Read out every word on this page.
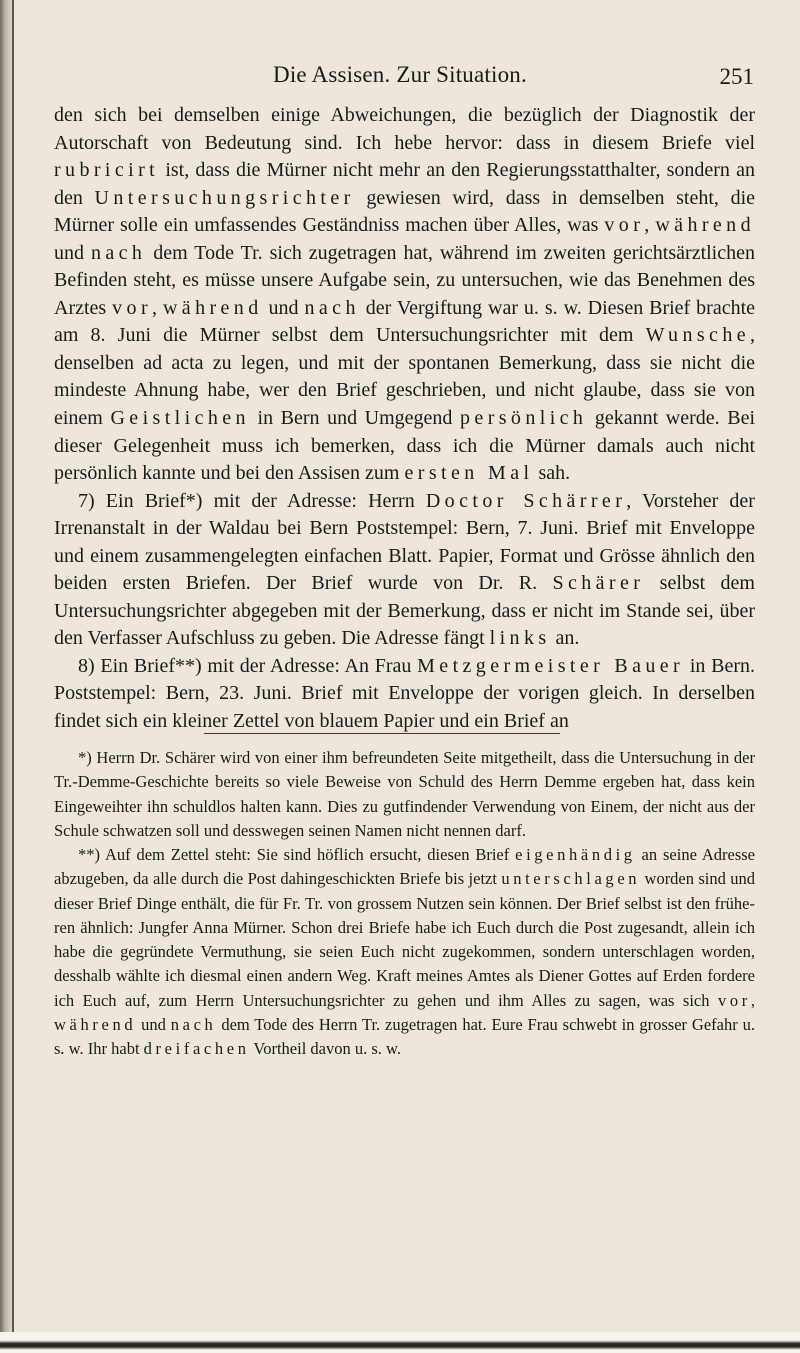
Die Assisen. Zur Situation.	251

den sich bei demselben einige Abweichungen, die bezüglich der Diagnostik der Autorschaft von Bedeutung sind. Ich hebe hervor: dass in diesem Briefe viel rubricirt ist, dass die Mürner nicht mehr an den Regierungsstatthalter, sondern an den Untersuchungsrichter gewiesen wird, dass in demselben steht, die Mürner solle ein umfassendes Geständniss machen über Alles, was vor, während und nach dem Tode Tr. sich zugetragen hat, während im zweiten gerichtsärztlichen Befinden steht, es müsse unsere Aufgabe sein, zu untersuchen, wie das Benehmen des Arztes vor, während und nach der Vergiftung war u. s. w. Diesen Brief brachte am 8. Juni die Mürner selbst dem Untersuchungsrichter mit dem Wunsche, denselben ad acta zu legen, und mit der spontanen Bemerkung, dass sie nicht die mindeste Ahnung habe, wer den Brief geschrieben, und nicht glaube, dass sie von einem Geistlichen in Bern und Umgegend persönlich gekannt werde. Bei dieser Gelegenheit muss ich bemerken, dass ich die Mürner damals auch nicht persönlich kannte und bei den Assisen zum ersten Mal sah.

7) Ein Brief*) mit der Adresse: Herrn Doctor Schärrer, Vorsteher der Irrenanstalt in der Waldau bei Bern Poststempel: Bern, 7. Juni. Brief mit Enveloppe und einem zusammengelegten einfachen Blatt. Papier, Format und Grösse ähnlich den beiden ersten Briefen. Der Brief wurde von Dr. R. Schärer selbst dem Untersuchungsrichter abgegeben mit der Bemerkung, dass er nicht im Stande sei, über den Verfasser Aufschluss zu geben. Die Adresse fängt links an.

8) Ein Brief**) mit der Adresse: An Frau Metzgermeister Bauer in Bern. Poststempel: Bern, 23. Juni. Brief mit Enveloppe der vorigen gleich. In derselben findet sich ein kleiner Zettel von blauem Papier und ein Brief an

*) Herrn Dr. Schärer wird von einer ihm befreundeten Seite mitgetheilt, dass die Untersuchung in der Tr.-Demme-Geschichte bereits so viele Beweise von Schuld des Herrn Demme ergeben hat, dass kein Eingeweihter ihn schuldlos halten kann. Dies zu gutfindender Verwendung von Einem, der nicht aus der Schule schwatzen soll und desswegen seinen Namen nicht nennen darf.

**) Auf dem Zettel steht: Sie sind höflich ersucht, diesen Brief eigenhändig an seine Adresse abzugeben, da alle durch die Post dahingeschickten Briefe bis jetzt unterschlagen worden sind und dieser Brief Dinge enthält, die für Fr. Tr. von grossem Nutzen sein können. Der Brief selbst ist den früheren ähnlich: Jungfer Anna Mürner. Schon drei Briefe habe ich Euch durch die Post zugesandt, allein ich habe die gegründete Vermuthung, sie seien Euch nicht zugekommen, sondern unterschlagen worden, desshalb wählte ich diesmal einen andern Weg. Kraft meines Amtes als Diener Gottes auf Erden fordere ich Euch auf, zum Herrn Untersuchungsrichter zu gehen und ihm Alles zu sagen, was sich vor, während und nach dem Tode des Herrn Tr. zugetragen hat. Eure Frau schwebt in grosser Gefahr u. s. w. Ihr habt dreifachen Vortheil davon u. s. w.
